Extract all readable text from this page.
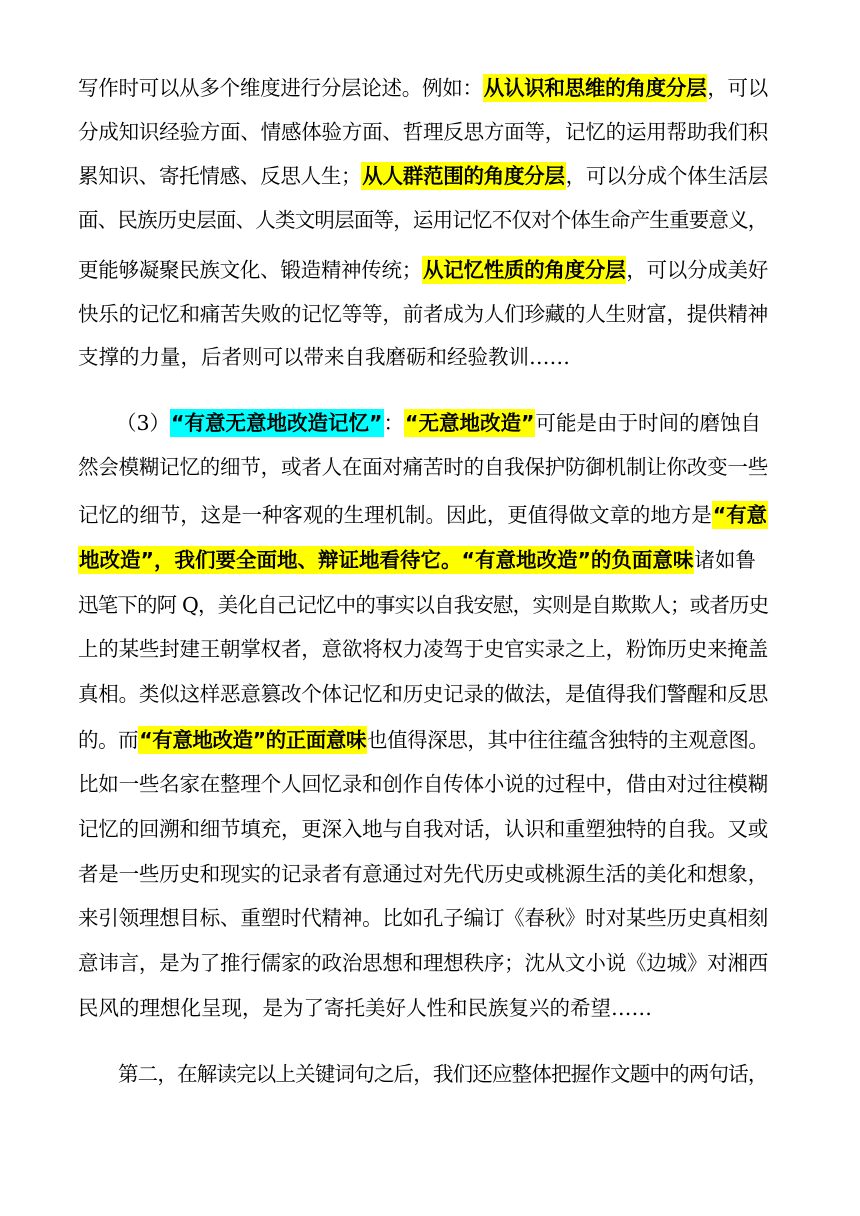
写作时可以从多个维度进行分层论述。例如：从认识和思维的角度分层，可以
分成知识经验方面、情感体验方面、哲理反思方面等，记忆的运用帮助我们积
累知识、寄托情感、反思人生；从人群范围的角度分层，可以分成个体生活层
面、民族历史层面、人类文明层面等，运用记忆不仅对个体生命产生重要意义，
更能够凝聚民族文化、锻造精神传统；从记忆性质的角度分层，可以分成美好
快乐的记忆和痛苦失败的记忆等等，前者成为人们珍藏的人生财富，提供精神
支撑的力量，后者则可以带来自我磨砺和经验教训……
（3）“有意无意地改造记忆”：“无意地改造”可能是由于时间的磨蚀自
然会模糊记忆的细节，或者人在面对痛苦时的自我保护防御机制让你改变一些
记忆的细节，这是一种客观的生理机制。因此，更值得做文章的地方是“有意
地改造”，我们要全面地、辩证地看待它。“有意地改造”的负面意味诸如鲁
迅笔下的阿 Q，美化自己记忆中的事实以自我安慰，实则是自欺欺人；或者历史
上的某些封建王朝掌权者，意欲将权力凌驾于史官实录之上，粉饰历史来掩盖
真相。类似这样恶意篡改个体记忆和历史记录的做法，是值得我们警醒和反思
的。而“有意地改造”的正面意味也值得深思，其中往往蕴含独特的主观意图。
比如一些名家在整理个人回忆录和创作自传体小说的过程中，借由对过往模糊
记忆的回溯和细节填充，更深入地与自我对话，认识和重塑独特的自我。又或
者是一些历史和现实的记录者有意通过对先代历史或桃源生活的美化和想象，
来引领理想目标、重塑时代精神。比如孔子编订《春秋》时对某些历史真相刻
意讳言，是为了推行儒家的政治思想和理想秩序；沈从文小说《边城》对湘西
民风的理想化呈现，是为了寄托美好人性和民族复兴的希望……
第二，在解读完以上关键词句之后，我们还应整体把握作文题中的两句话，
